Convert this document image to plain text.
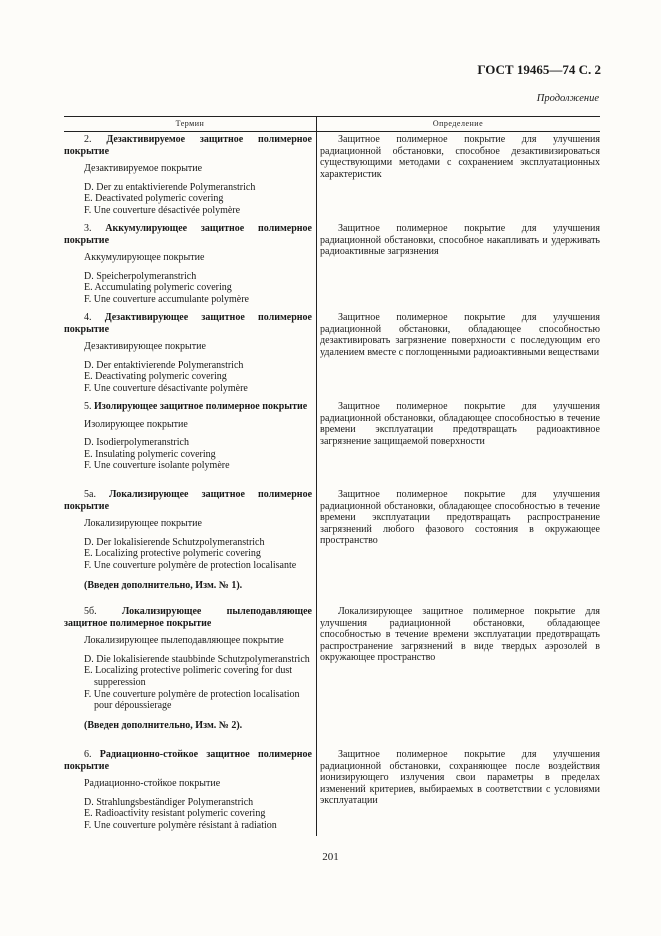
ГОСТ 19465—74 С. 2
Продолжение
Термин	Определение
2. Дезактивируемое защитное полимерное покрытие
Дезактивируемое покрытие
D. Der zu entaktivierende Polymeranstrich
E. Deactivated polymeric covering
F. Une couverture désactivée polymère
Защитное полимерное покрытие для улучшения радиационной обстановки, способное дезактивизироваться существующими методами с сохранением эксплуатационных характеристик
3. Аккумулирующее защитное полимерное покрытие
Аккумулирующее покрытие
D. Speicherpolymeranstrich
E. Accumulating polymeric covering
F. Une couverture accumulante polymère
Защитное полимерное покрытие для улучшения радиационной обстановки, способное накапливать и удерживать радиоактивные загрязнения
4. Дезактивирующее защитное полимерное покрытие
Дезактивирующее покрытие
D. Der entaktivierende Polymeranstrich
E. Deactivating polymeric covering
F. Une couverture désactivante polymère
Защитное полимерное покрытие для улучшения радиационной обстановки, обладающее способностью дезактивировать загрязнение поверхности с последующим его удалением вместе с поглощенными радиоактивными веществами
5. Изолирующее защитное полимерное покрытие
Изолирующее покрытие
D. Isodierpolymeranstrich
E. Insulating polymeric covering
F. Une couverture isolante polymère
Защитное полимерное покрытие для улучшения радиационной обстановки, обладающее способностью в течение времени эксплуатации предотвращать радиоактивное загрязнение защищаемой поверхности
5а. Локализирующее защитное полимерное покрытие
Локализирующее покрытие
D. Der lokalisierende Schutzpolymeranstrich
E. Localizing protective polymeric covering
F. Une couverture polymère de protection localisante
(Введен дополнительно, Изм. № 1).
Защитное полимерное покрытие для улучшения радиационной обстановки, обладающее способностью в течение времени эксплуатации предотвращать распространение загрязнений любого фазового состояния в окружающее пространство
5б.	Локализирующее пылеподавляющее защитное полимерное покрытие
Локализирующее пылеподавляющее покрытие
D. Die lokalisierende staubbinde Schutzpolymeranstrich
E. Localizing protective polimeric covering for dust supperession
F. Une couverture polymère de protection localisation pour dépoussierage
(Введен дополнительно, Изм. № 2).
Локализирующее защитное полимерное покрытие для улучшения радиационной обстановки, обладающее способностью в течение времени эксплуатации предотвращать распространение загрязнений в виде твердых аэрозолей в окружающее пространство
6. Радиационно-стойкое защитное полимерное покрытие
Радиационно-стойкое покрытие
D. Strahlungsbeständiger Polymeranstrich
E. Radioactivity resistant polymeric covering
F. Une couverture polymère résistant à radiation
Защитное полимерное покрытие для улучшения радиационной обстановки, сохраняющее после воздействия ионизирующего излучения свои параметры в пределах изменений критериев, выбираемых в соответствии с условиями эксплуатации
201
